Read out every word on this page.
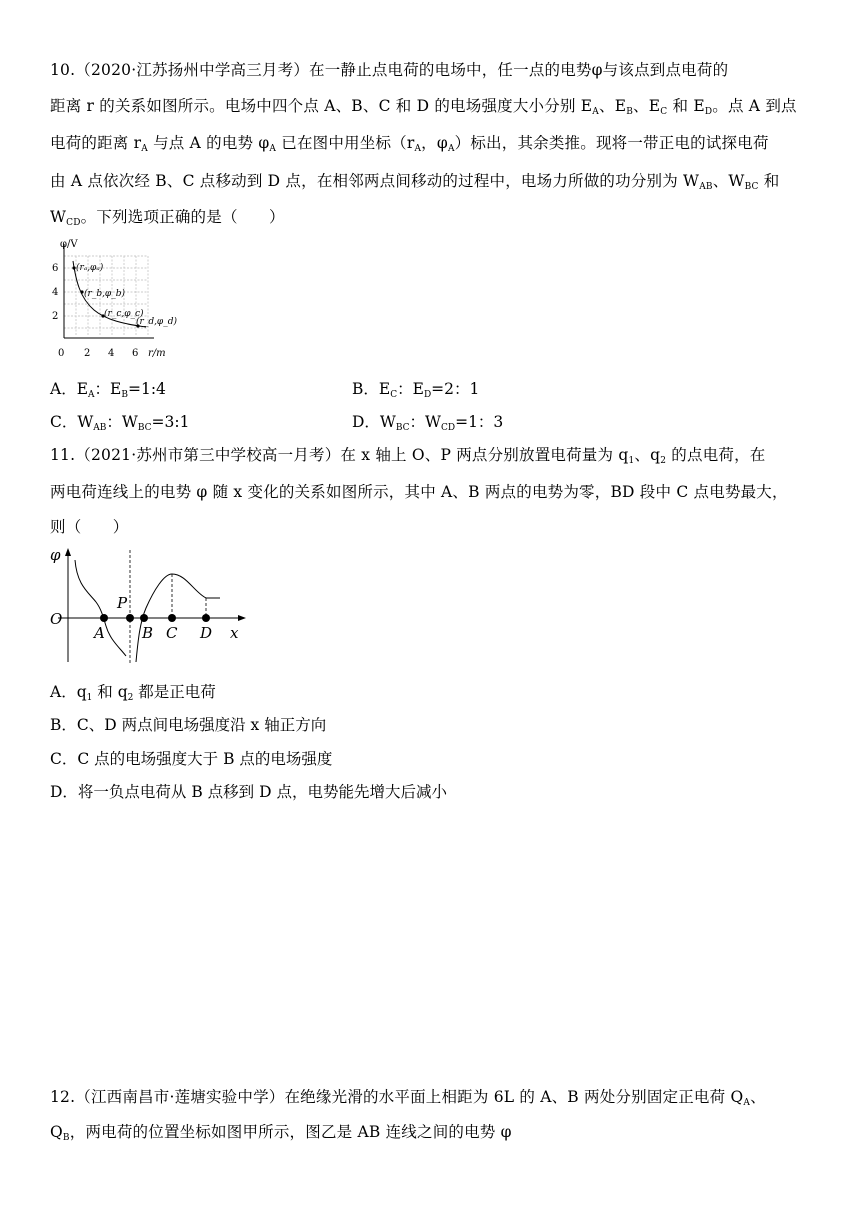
10.（2020·江苏扬州中学高三月考）在一静止点电荷的电场中，任一点的电势φ与该点到点电荷的
距离 r 的关系如图所示。电场中四个点 A、B、C 和 D 的电场强度大小分别 $E_A$、$E_B$、$E_C$ 和 $E_D$。点 A 到点
电荷的距离 $r_A$ 与点 A 的电势 $\varphi_A$ 已在图中用坐标（$r_A$，$\varphi_A$）标出，其余类推。现将一带正电的试探电荷
由 A 点依次经 B、C 点移动到 D 点，在相邻两点间移动的过程中，电场力所做的功分别为 $W_{AB}$、$W_{BC}$ 和
$W_{CD}$。下列选项正确的是（　　）
φ/V
6
4
2
0 2 4 6 r/m
(rₐ,φₐ)
(r_b,φ_b)
(r_c,φ_c)
(r_d,φ_d)
A．$E_A$：$E_B=1:4$	B．$E_C$：$E_D=2$：1
C．$W_{AB}$：$W_{BC}=3:1$	D．$W_{BC}$：$W_{CD}=1$：3
11.（2021·苏州市第三中学校高一月考）在 x 轴上 O、P 两点分别放置电荷量为 $q_1$、$q_2$ 的点电荷，在
两电荷连线上的电势 φ 随 x 变化的关系如图所示，其中 A、B 两点的电势为零，BD 段中 C 点电势最大，
则（　　）
φ
O
P
A B C D x
A．$q_1$ 和 $q_2$ 都是正电荷
B．C、D 两点间电场强度沿 x 轴正方向
C．C 点的电场强度大于 B 点的电场强度
D．将一负点电荷从 B 点移到 D 点，电势能先增大后减小
12.（江西南昌市·莲塘实验中学）在绝缘光滑的水平面上相距为 6L 的 A、B 两处分别固定正电荷 $Q_A$、
$Q_B$，两电荷的位置坐标如图甲所示，图乙是 AB 连线之间的电势 φ
